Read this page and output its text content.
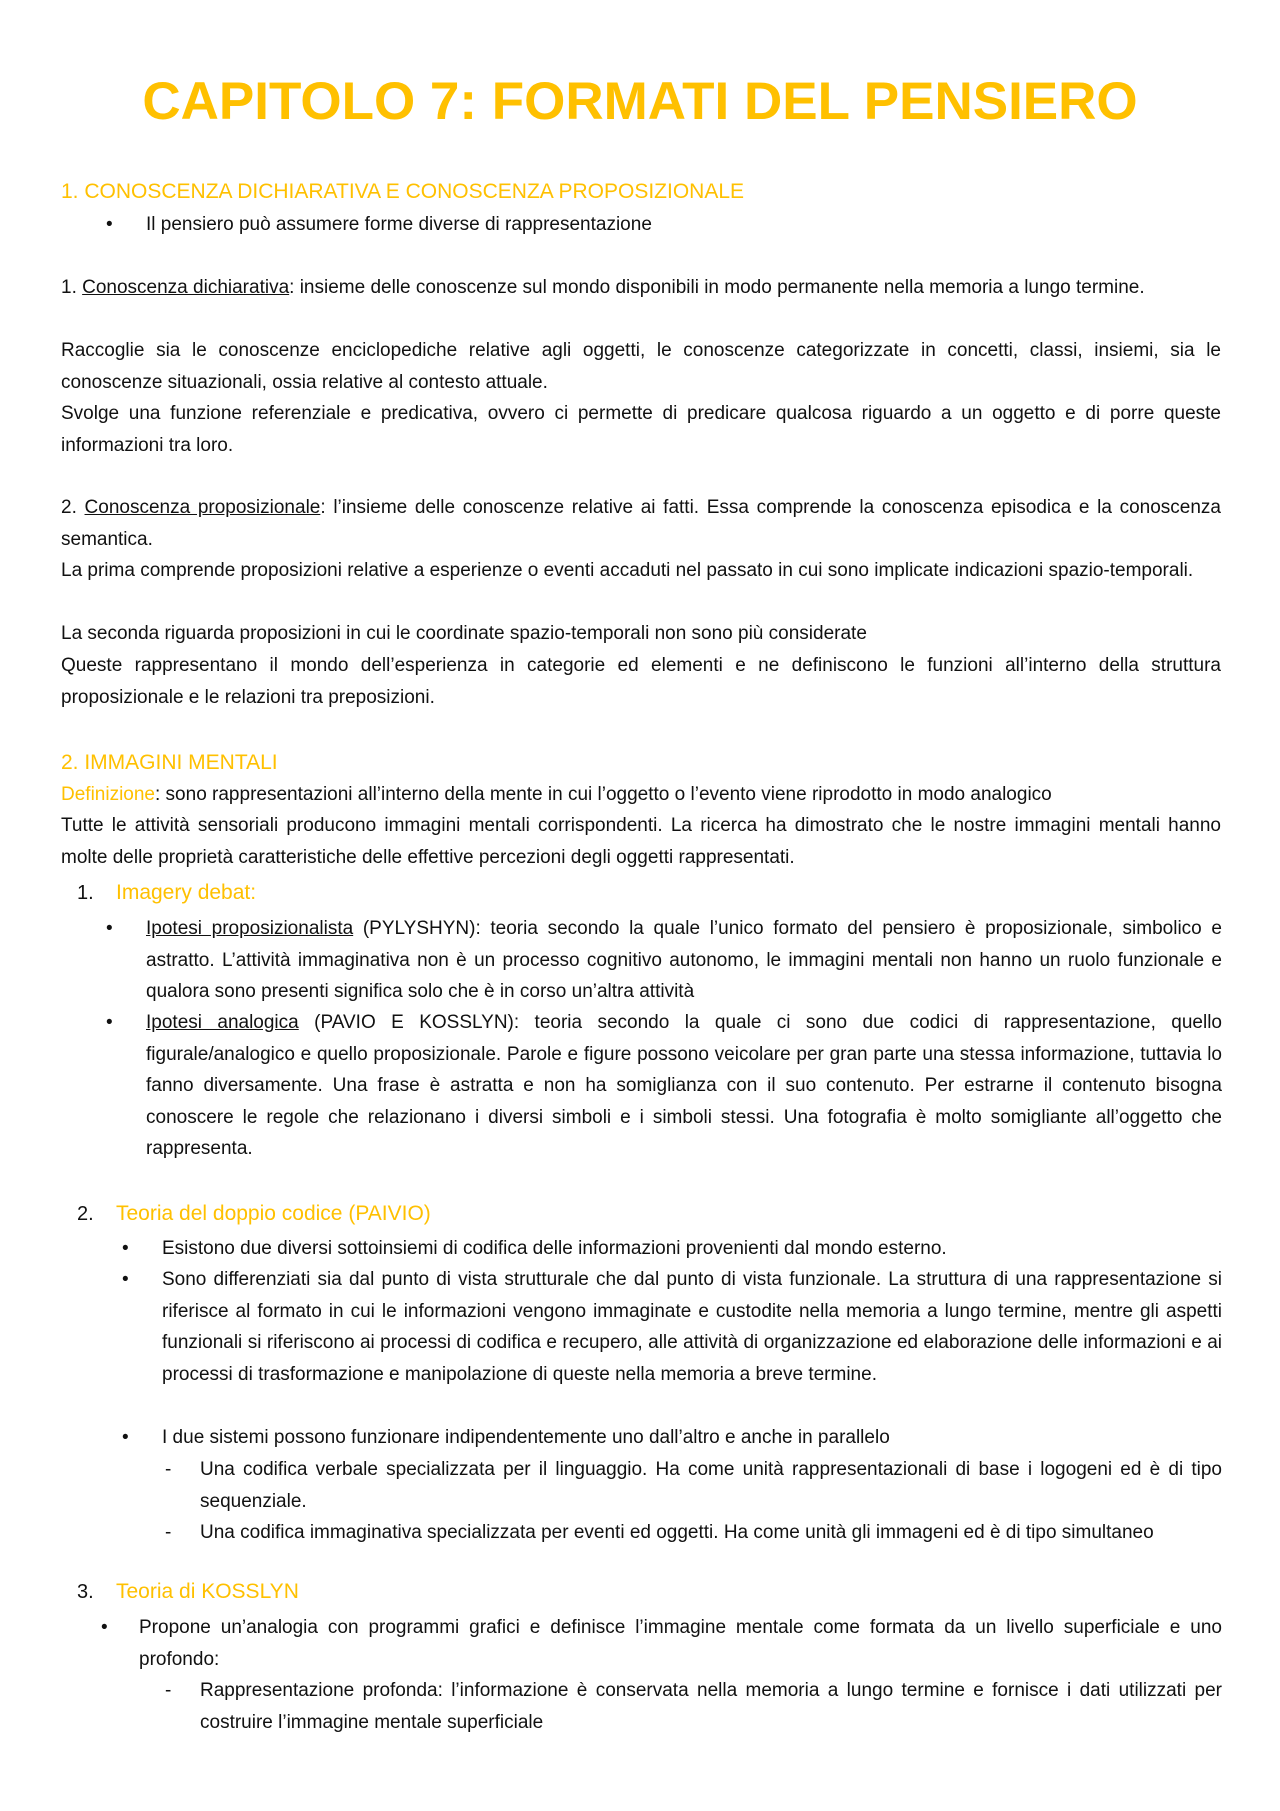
CAPITOLO 7: FORMATI DEL PENSIERO
1. CONOSCENZA DICHIARATIVA E CONOSCENZA PROPOSIZIONALE
• Il pensiero può assumere forme diverse di rappresentazione
1. Conoscenza dichiarativa: insieme delle conoscenze sul mondo disponibili in modo permanente nella memoria a lungo termine.
Raccoglie sia le conoscenze enciclopediche relative agli oggetti, le conoscenze categorizzate in concetti, classi, insiemi, sia le conoscenze situazionali, ossia relative al contesto attuale.
Svolge una funzione referenziale e predicativa, ovvero ci permette di predicare qualcosa riguardo a un oggetto e di porre queste informazioni tra loro.
2. Conoscenza proposizionale: l’insieme delle conoscenze relative ai fatti. Essa comprende la conoscenza episodica e la conoscenza semantica.
La prima comprende proposizioni relative a esperienze o eventi accaduti nel passato in cui sono implicate indicazioni spazio-temporali.
La seconda riguarda proposizioni in cui le coordinate spazio-temporali non sono più considerate
Queste rappresentano il mondo dell’esperienza in categorie ed elementi e ne definiscono le funzioni all’interno della struttura proposizionale e le relazioni tra preposizioni.
2. IMMAGINI MENTALI
Definizione: sono rappresentazioni all’interno della mente in cui l’oggetto o l’evento viene riprodotto in modo analogico
Tutte le attività sensoriali producono immagini mentali corrispondenti. La ricerca ha dimostrato che le nostre immagini mentali hanno molte delle proprietà caratteristiche delle effettive percezioni degli oggetti rappresentati.
1. Imagery debat:
• Ipotesi proposizionalista (PYLYSHYN): teoria secondo la quale l’unico formato del pensiero è proposizionale, simbolico e astratto. L’attività immaginativa non è un processo cognitivo autonomo, le immagini mentali non hanno un ruolo funzionale e qualora sono presenti significa solo che è in corso un’altra attività
• Ipotesi analogica (PAVIO E KOSSLYN): teoria secondo la quale ci sono due codici di rappresentazione, quello figurale/analogico e quello proposizionale. Parole e figure possono veicolare per gran parte una stessa informazione, tuttavia lo fanno diversamente. Una frase è astratta e non ha somiglianza con il suo contenuto. Per estrarne il contenuto bisogna conoscere le regole che relazionano i diversi simboli e i simboli stessi. Una fotografia è molto somigliante all’oggetto che rappresenta.
2. Teoria del doppio codice (PAIVIO)
• Esistono due diversi sottoinsiemi di codifica delle informazioni provenienti dal mondo esterno.
• Sono differenziati sia dal punto di vista strutturale che dal punto di vista funzionale. La struttura di una rappresentazione si riferisce al formato in cui le informazioni vengono immaginate e custodite nella memoria a lungo termine, mentre gli aspetti funzionali si riferiscono ai processi di codifica e recupero, alle attività di organizzazione ed elaborazione delle informazioni e ai processi di trasformazione e manipolazione di queste nella memoria a breve termine.
• I due sistemi possono funzionare indipendentemente uno dall’altro e anche in parallelo
- Una codifica verbale specializzata per il linguaggio. Ha come unità rappresentazionali di base i logogeni ed è di tipo sequenziale.
- Una codifica immaginativa specializzata per eventi ed oggetti. Ha come unità gli immageni ed è di tipo simultaneo
3. Teoria di KOSSLYN
• Propone un’analogia con programmi grafici e definisce l’immagine mentale come formata da un livello superficiale e uno profondo:
- Rappresentazione profonda: l’informazione è conservata nella memoria a lungo termine e fornisce i dati utilizzati per costruire l’immagine mentale superficiale
